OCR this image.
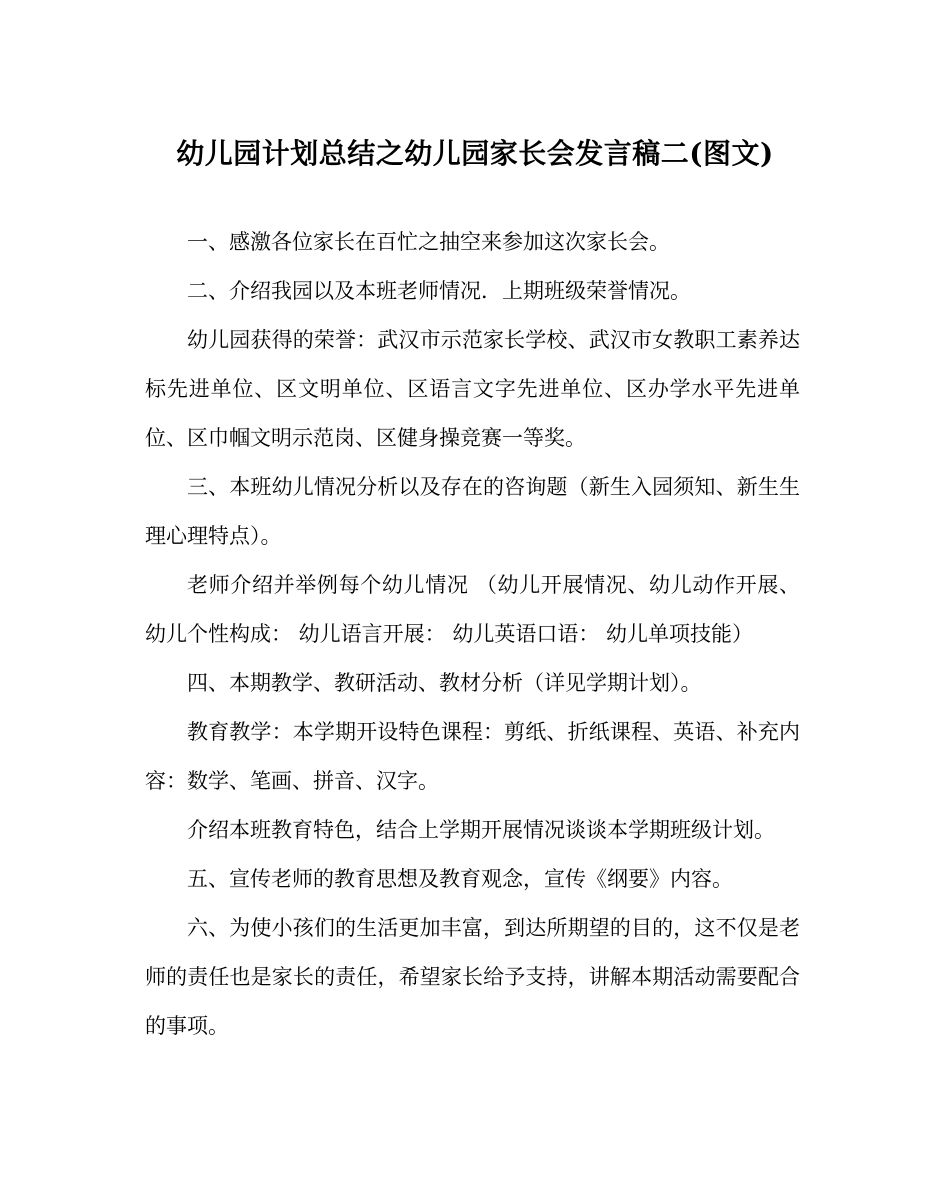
幼儿园计划总结之幼儿园家长会发言稿二(图文)

一、感激各位家长在百忙之抽空来参加这次家长会。

二、介绍我园以及本班老师情况．上期班级荣誉情况。

幼儿园获得的荣誉：武汉市示范家长学校、武汉市女教职工素养达标先进单位、区文明单位、区语言文字先进单位、区办学水平先进单位、区巾帼文明示范岗、区健身操竞赛一等奖。

三、本班幼儿情况分析以及存在的咨询题（新生入园须知、新生生理心理特点）。

老师介绍并举例每个幼儿情况 （幼儿开展情况、幼儿动作开展、 幼儿个性构成： 幼儿语言开展： 幼儿英语口语： 幼儿单项技能）

四、本期教学、教研活动、教材分析（详见学期计划）。

教育教学：本学期开设特色课程：剪纸、折纸课程、英语、补充内容：数学、笔画、拼音、汉字。

介绍本班教育特色，结合上学期开展情况谈谈本学期班级计划。

五、宣传老师的教育思想及教育观念，宣传《纲要》内容。

六、为使小孩们的生活更加丰富，到达所期望的目的，这不仅是老师的责任也是家长的责任，希望家长给予支持，讲解本期活动需要配合的事项。
